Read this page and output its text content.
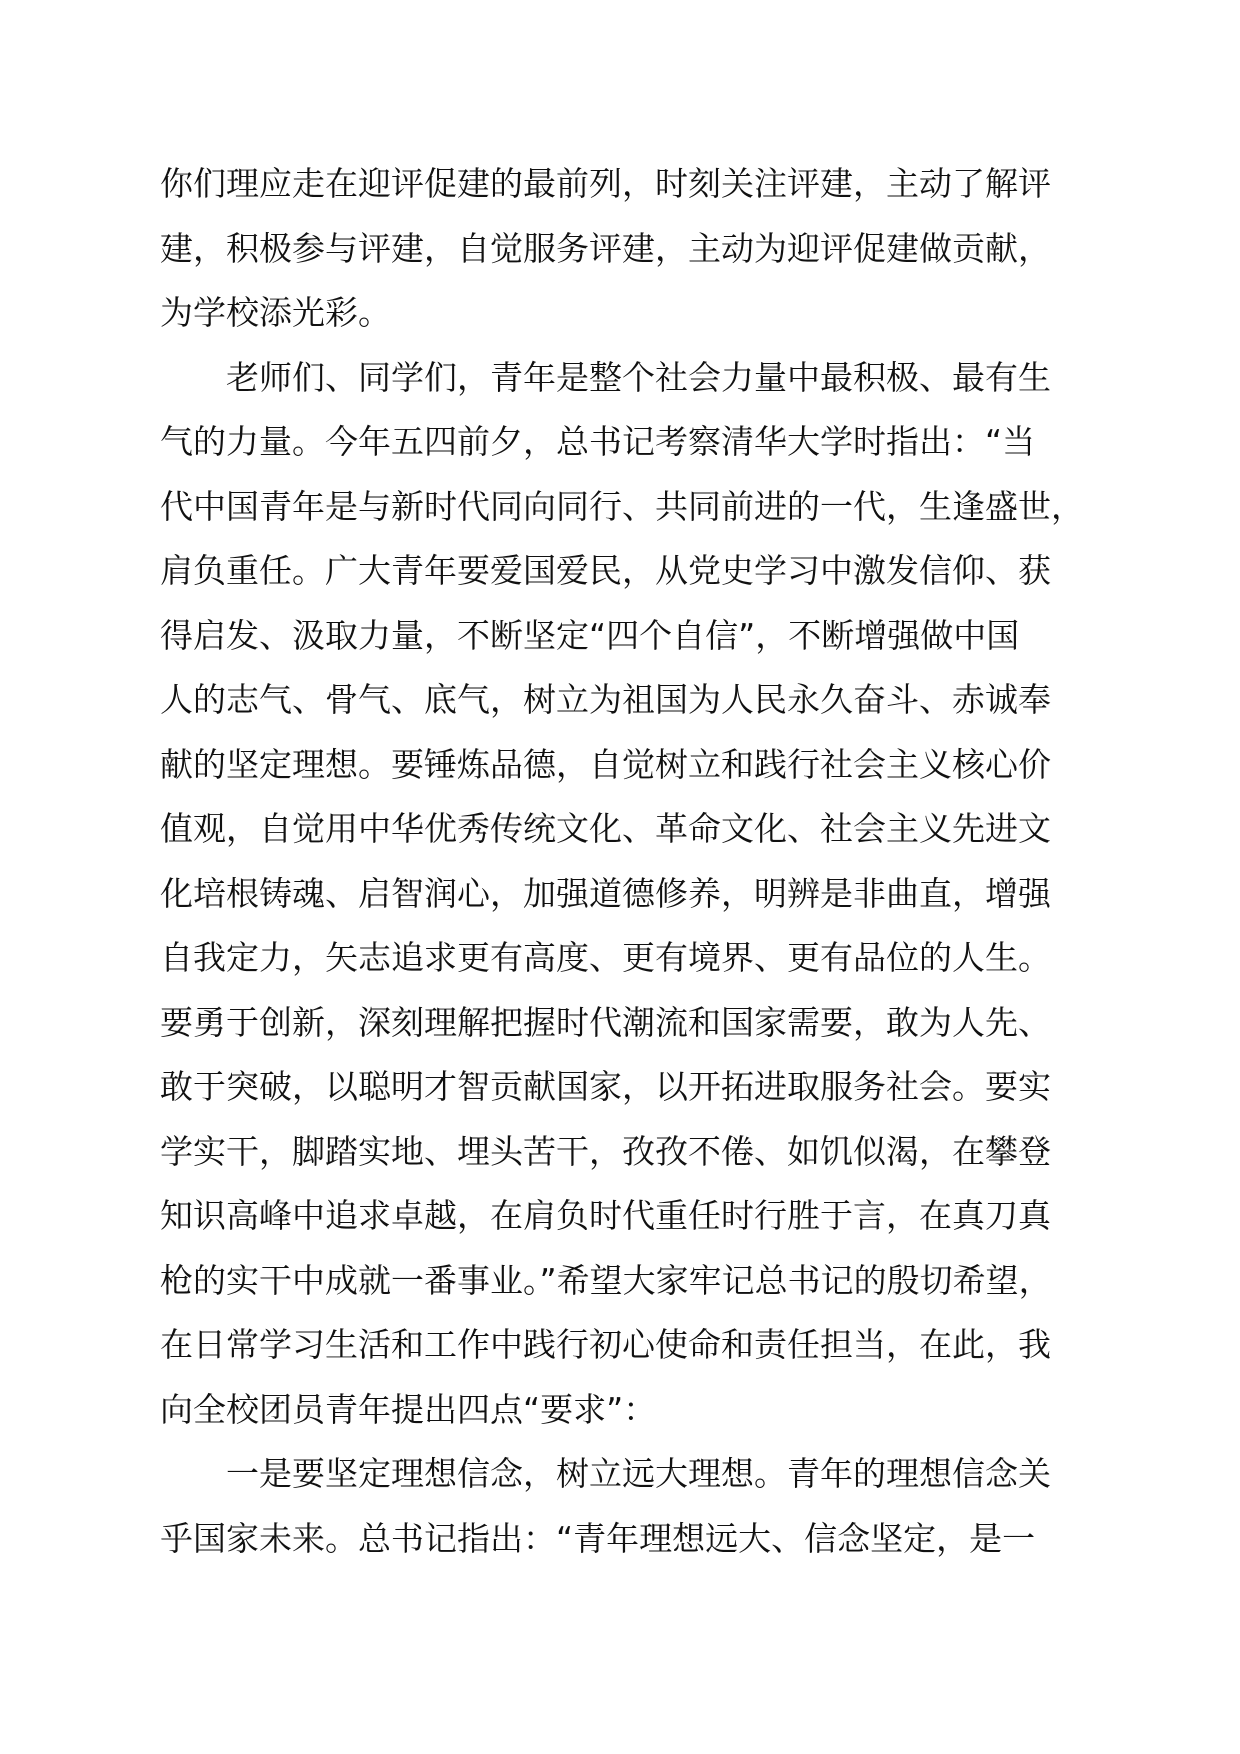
你们理应走在迎评促建的最前列，时刻关注评建，主动了解评
建，积极参与评建，自觉服务评建，主动为迎评促建做贡献，
为学校添光彩。
老师们、同学们，青年是整个社会力量中最积极、最有生
气的力量。今年五四前夕，总书记考察清华大学时指出：“当
代中国青年是与新时代同向同行、共同前进的一代，生逢盛世，
肩负重任。广大青年要爱国爱民，从党史学习中激发信仰、获
得启发、汲取力量，不断坚定“四个自信”，不断增强做中国
人的志气、骨气、底气，树立为祖国为人民永久奋斗、赤诚奉
献的坚定理想。要锤炼品德，自觉树立和践行社会主义核心价
值观，自觉用中华优秀传统文化、革命文化、社会主义先进文
化培根铸魂、启智润心，加强道德修养，明辨是非曲直，增强
自我定力，矢志追求更有高度、更有境界、更有品位的人生。
要勇于创新，深刻理解把握时代潮流和国家需要，敢为人先、
敢于突破，以聪明才智贡献国家，以开拓进取服务社会。要实
学实干，脚踏实地、埋头苦干，孜孜不倦、如饥似渴，在攀登
知识高峰中追求卓越，在肩负时代重任时行胜于言，在真刀真
枪的实干中成就一番事业。”希望大家牢记总书记的殷切希望，
在日常学习生活和工作中践行初心使命和责任担当，在此，我
向全校团员青年提出四点“要求”：
一是要坚定理想信念，树立远大理想。青年的理想信念关
乎国家未来。总书记指出：“青年理想远大、信念坚定，是一
